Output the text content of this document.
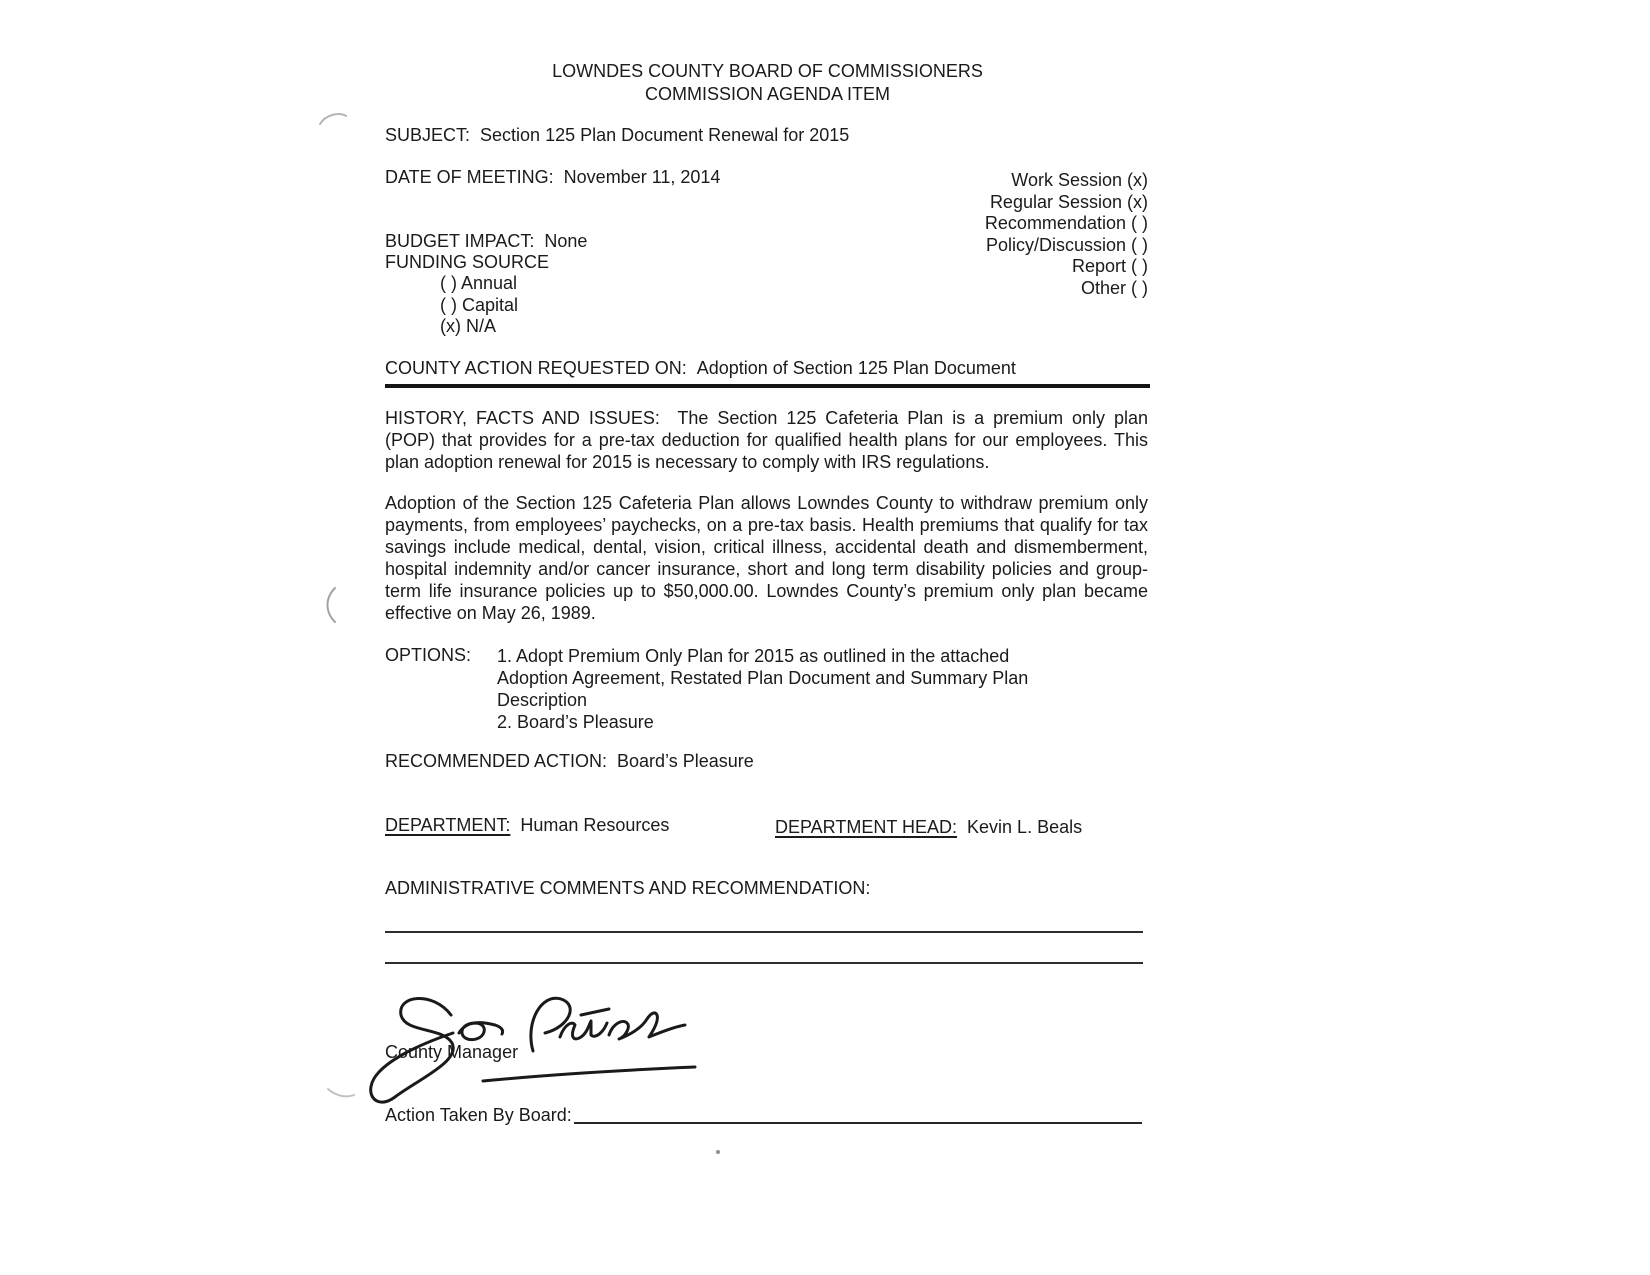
LOWNDES COUNTY BOARD OF COMMISSIONERS
COMMISSION AGENDA ITEM
SUBJECT: Section 125 Plan Document Renewal for 2015
DATE OF MEETING: November 11, 2014	Work Session (x)
Regular Session (x)
Recommendation ( )
Policy/Discussion ( )
Report ( )
Other ( )
BUDGET IMPACT: None
FUNDING SOURCE
( ) Annual
( ) Capital
(x) N/A
COUNTY ACTION REQUESTED ON: Adoption of Section 125 Plan Document
HISTORY, FACTS AND ISSUES: The Section 125 Cafeteria Plan is a premium only plan (POP) that provides for a pre-tax deduction for qualified health plans for our employees. This plan adoption renewal for 2015 is necessary to comply with IRS regulations.
Adoption of the Section 125 Cafeteria Plan allows Lowndes County to withdraw premium only payments, from employees’ paychecks, on a pre-tax basis. Health premiums that qualify for tax savings include medical, dental, vision, critical illness, accidental death and dismemberment, hospital indemnity and/or cancer insurance, short and long term disability policies and group-term life insurance policies up to $50,000.00. Lowndes County’s premium only plan became effective on May 26, 1989.
OPTIONS: 1. Adopt Premium Only Plan for 2015 as outlined in the attached Adoption Agreement, Restated Plan Document and Summary Plan Description
2. Board’s Pleasure
RECOMMENDED ACTION: Board’s Pleasure
DEPARTMENT: Human Resources	DEPARTMENT HEAD: Kevin L. Beals
ADMINISTRATIVE COMMENTS AND RECOMMENDATION:
County Manager
Action Taken By Board:
